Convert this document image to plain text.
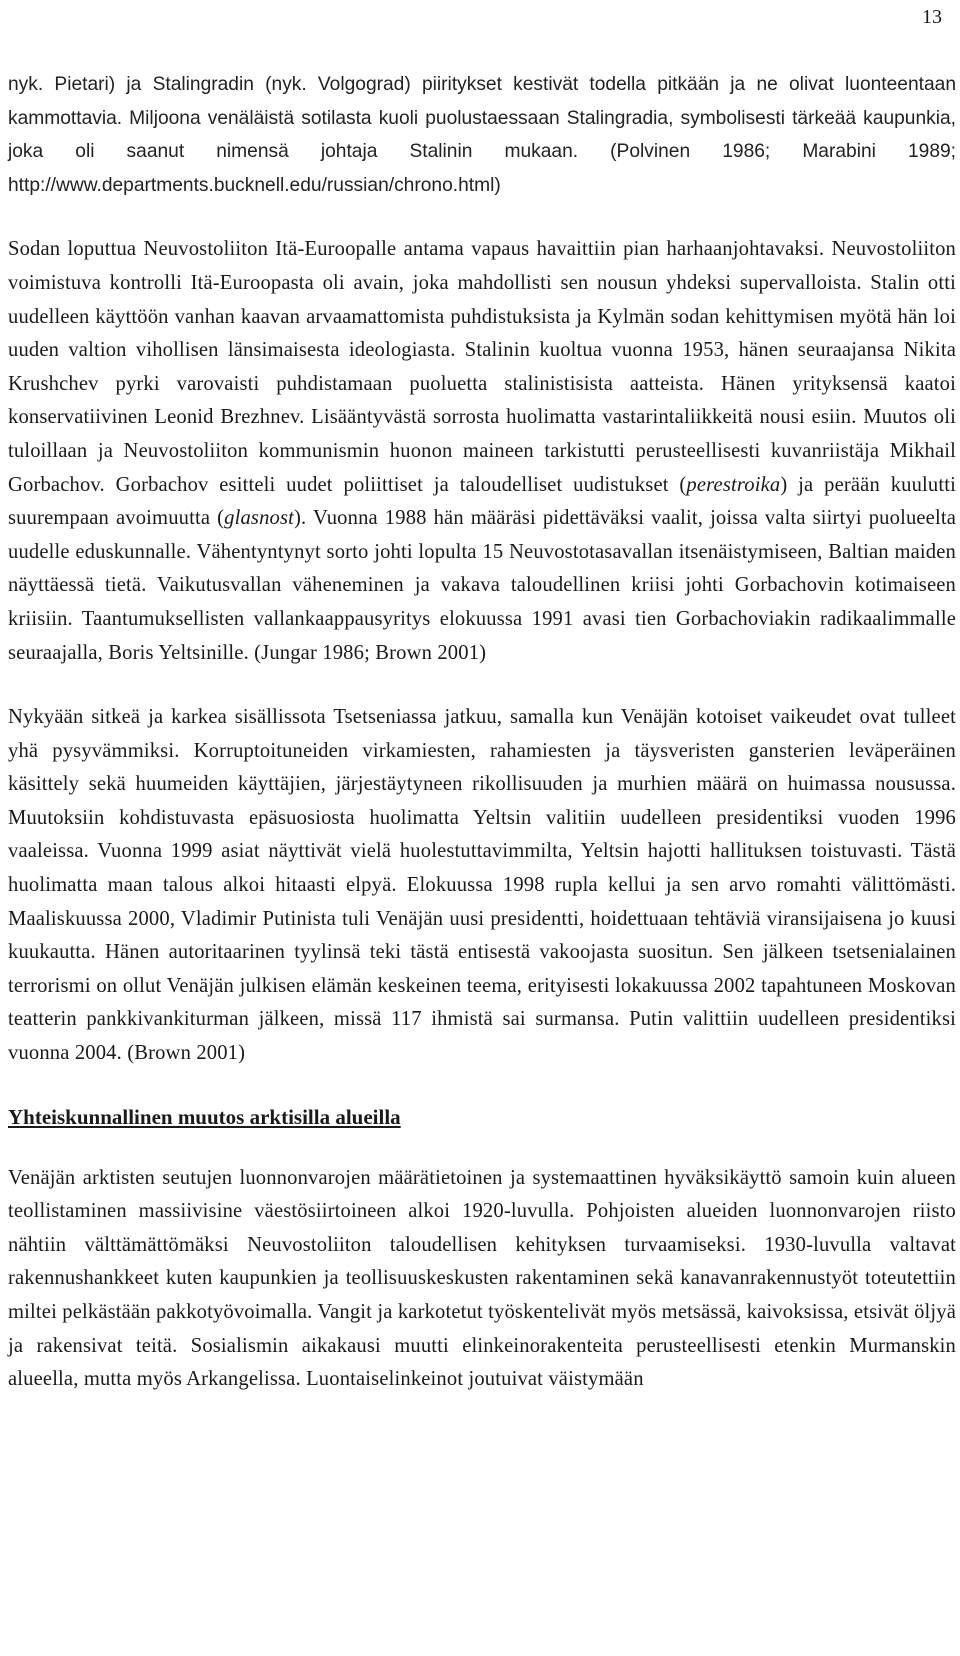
13

nyk. Pietari) ja Stalingradin (nyk. Volgograd) piiritykset kestivät todella pitkään ja ne olivat luonteentaan kammottavia. Miljoona venäläistä sotilasta kuoli puolustaessaan Stalingradia, symbolisesti tärkeää kaupunkia, joka oli saanut nimensä johtaja Stalinin mukaan. (Polvinen 1986; Marabini 1989; http://www.departments.bucknell.edu/russian/chrono.html)

Sodan loputtua Neuvostoliiton Itä-Euroopalle antama vapaus havaittiin pian harhaanjohtavaksi. Neuvostoliiton voimistuva kontrolli Itä-Euroopasta oli avain, joka mahdollisti sen nousun yhdeksi supervalloista. Stalin otti uudelleen käyttöön vanhan kaavan arvaamattomista puhdistuksista ja Kylmän sodan kehittymisen myötä hän loi uuden valtion vihollisen länsimaisesta ideologiasta. Stalinin kuoltua vuonna 1953, hänen seuraajansa Nikita Krushchev pyrki varovaisti puhdistamaan puoluetta stalinistisista aatteista. Hänen yrityksensä kaatoi konservatiivinen Leonid Brezhnev. Lisääntyvästä sorrosta huolimatta vastarintaliikkeitä nousi esiin. Muutos oli tuloillaan ja Neuvostoliiton kommunismin huonon maineen tarkistutti perusteellisesti kuvanriistäja Mikhail Gorbachov. Gorbachov esitteli uudet poliittiset ja taloudelliset uudistukset (perestroika) ja perään kuulutti suurempaan avoimuutta (glasnost). Vuonna 1988 hän määräsi pidettäväksi vaalit, joissa valta siirtyi puolueelta uudelle eduskunnalle. Vähentyntynyt sorto johti lopulta 15 Neuvostotasavallan itsenäistymiseen, Baltian maiden näyttäessä tietä. Vaikutusvallan väheneminen ja vakava taloudellinen kriisi johti Gorbachovin kotimaiseen kriisiin. Taantumuksellisten vallankaappausyritys elokuussa 1991 avasi tien Gorbachoviakin radikaalimmalle seuraajalla, Boris Yeltsinille. (Jungar 1986; Brown 2001)

Nykyään sitkeä ja karkea sisällissota Tsetseniassa jatkuu, samalla kun Venäjän kotoiset vaikeudet ovat tulleet yhä pysyvämmiksi. Korruptoituneiden virkamiesten, rahamiesten ja täysveristen gansterien leväperäinen käsittely sekä huumeiden käyttäjien, järjestäytyneen rikollisuuden ja murhien määrä on huimassa nousussa. Muutoksiin kohdistuvasta epäsuosiosta huolimatta Yeltsin valitiin uudelleen presidentiksi vuoden 1996 vaaleissa. Vuonna 1999 asiat näyttivät vielä huolestuttavimmilta, Yeltsin hajotti hallituksen toistuvasti. Tästä huolimatta maan talous alkoi hitaasti elpyä. Elokuussa 1998 rupla kellui ja sen arvo romahti välittömästi. Maaliskuussa 2000, Vladimir Putinista tuli Venäjän uusi presidentti, hoidettuaan tehtäviä viransijaisena jo kuusi kuukautta. Hänen autoritaarinen tyylinsä teki tästä entisestä vakoojasta suositun. Sen jälkeen tsetsenialainen terrorismi on ollut Venäjän julkisen elämän keskeinen teema, erityisesti lokakuussa 2002 tapahtuneen Moskovan teatterin pankkivankiturman jälkeen, missä 117 ihmistä sai surmansa. Putin valittiin uudelleen presidentiksi vuonna 2004. (Brown 2001)

Yhteiskunnallinen muutos arktisilla alueilla

Venäjän arktisten seutujen luonnonvarojen määrätietoinen ja systemaattinen hyväksikäyttö samoin kuin alueen teollistaminen massiivisine väestösiirtoineen alkoi 1920-luvulla. Pohjoisten alueiden luonnonvarojen riisto nähtiin välttämättömäksi Neuvostoliiton taloudellisen kehityksen turvaamiseksi. 1930-luvulla valtavat rakennushankkeet kuten kaupunkien ja teollisuuskeskusten rakentaminen sekä kanavanrakennustyöt toteutettiin miltei pelkästään pakkotyövoimalla. Vangit ja karkotetut työskentelivät myös metsässä, kaivoksissa, etsivät öljyä ja rakensivat teitä. Sosialismin aikakausi muutti elinkeinorakenteita perusteellisesti etenkin Murmanskin alueella, mutta myös Arkangelissa. Luontaiselinkeinot joutuivat väistymään
